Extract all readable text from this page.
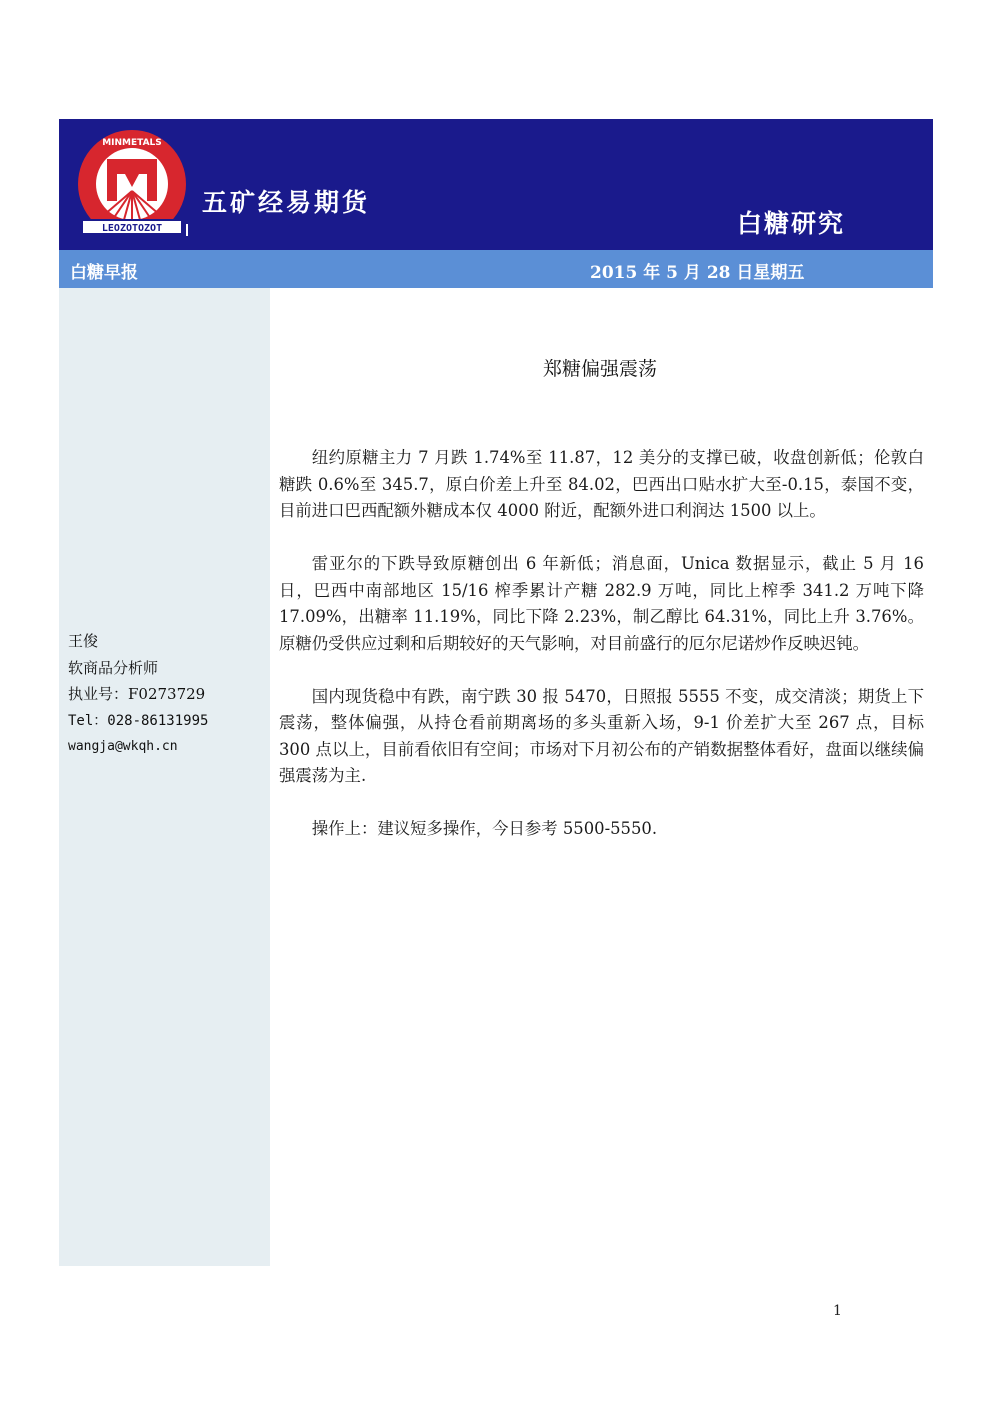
LEOZOTOZOT
MINMETALS
五矿经易期货
白糖研究
白糖早报	2015 年 5 月 28 日星期五
王俊
软商品分析师
执业号：F0273729
Tel：028-86131995
wangja@wkqh.cn
郑糖偏强震荡

纽约原糖主力 7 月跌 1.74%至 11.87，12 美分的支撑已破，收盘创新低；伦敦白糖跌 0.6%至 345.7，原白价差上升至 84.02，巴西出口贴水扩大至-0.15，泰国不变，目前进口巴西配额外糖成本仅 4000 附近，配额外进口利润达 1500 以上。

雷亚尔的下跌导致原糖创出 6 年新低；消息面，Unica 数据显示，截止 5 月 16 日，巴西中南部地区 15/16 榨季累计产糖 282.9 万吨，同比上榨季 341.2 万吨下降 17.09%，出糖率 11.19%，同比下降 2.23%，制乙醇比 64.31%，同比上升 3.76%。原糖仍受供应过剩和后期较好的天气影响，对目前盛行的厄尔尼诺炒作反映迟钝。

国内现货稳中有跌，南宁跌 30 报 5470，日照报 5555 不变，成交清淡；期货上下震荡，整体偏强，从持仓看前期离场的多头重新入场，9-1 价差扩大至 267 点，目标 300 点以上，目前看依旧有空间；市场对下月初公布的产销数据整体看好，盘面以继续偏强震荡为主.

操作上：建议短多操作，今日参考 5500-5550.

1
